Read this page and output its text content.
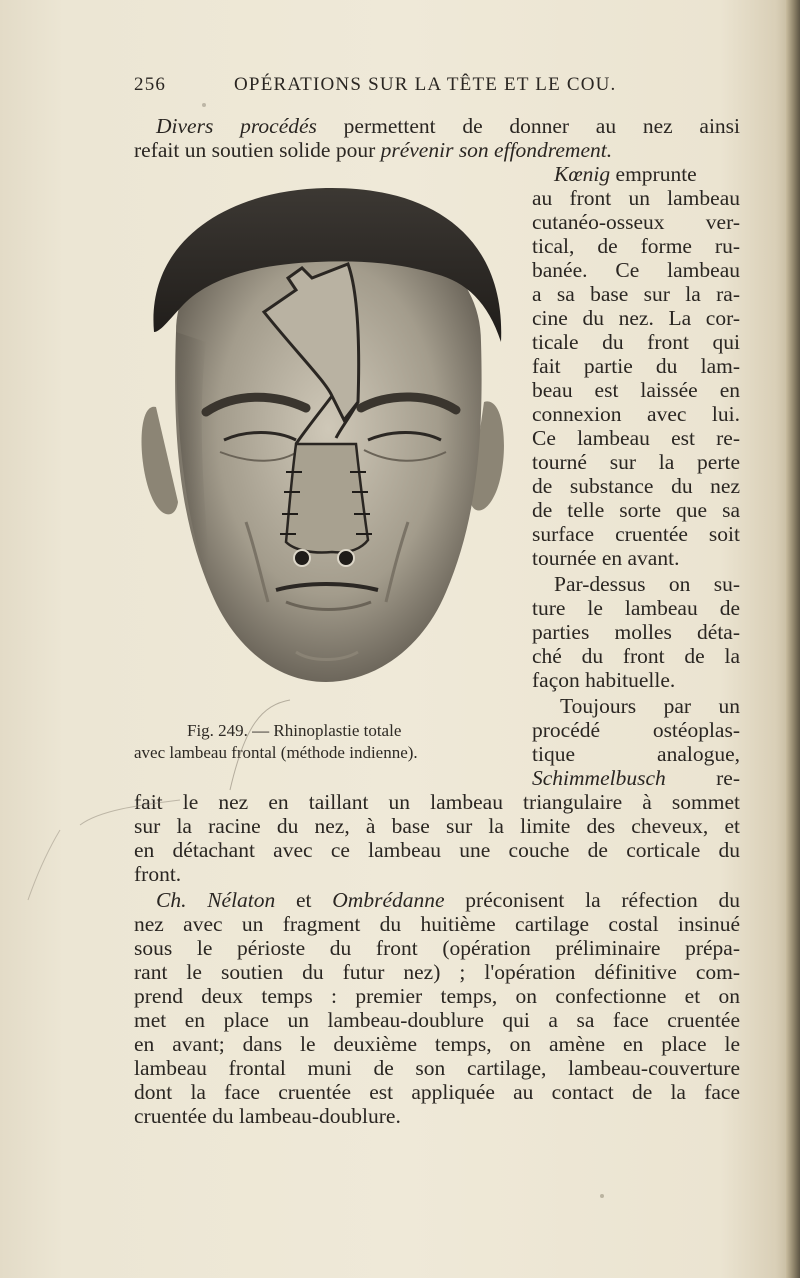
256	OPÉRATIONS SUR LA TÊTE ET LE COU.
Divers procédés permettent de donner au nez ainsi
refait un soutien solide pour prévenir son effondrement.
Kœnig emprunte
au front un lambeau
cutanéo-osseux ver-
tical, de forme ru-
banée. Ce lambeau
a sa base sur la ra-
cine du nez. La cor-
ticale du front qui
fait partie du lam-
beau est laissée en
connexion avec lui.
Ce lambeau est re-
tourné sur la perte
de substance du nez
de telle sorte que sa
surface cruentée soit
tournée en avant.
Par-dessus on su-
ture le lambeau de
parties molles déta-
ché du front de la
façon habituelle.
Toujours par un
procédé ostéoplas-
tique analogue,
Schimmelbusch re-
fait le nez en taillant un lambeau triangulaire à sommet
sur la racine du nez, à base sur la limite des cheveux, et
en détachant avec ce lambeau une couche de corticale du
front.
Ch. Nélaton et Ombrédanne préconisent la réfection du
nez avec un fragment du huitième cartilage costal insinué
sous le périoste du front (opération préliminaire prépa-
rant le soutien du futur nez) ; l'opération définitive com-
prend deux temps : premier temps, on confectionne et on
met en place un lambeau-doublure qui a sa face cruentée
en avant; dans le deuxième temps, on amène en place le
lambeau frontal muni de son cartilage, lambeau-couverture
dont la face cruentée est appliquée au contact de la face
cruentée du lambeau-doublure.
Fig. 249. — Rhinoplastie totale
avec lambeau frontal (méthode indienne).
